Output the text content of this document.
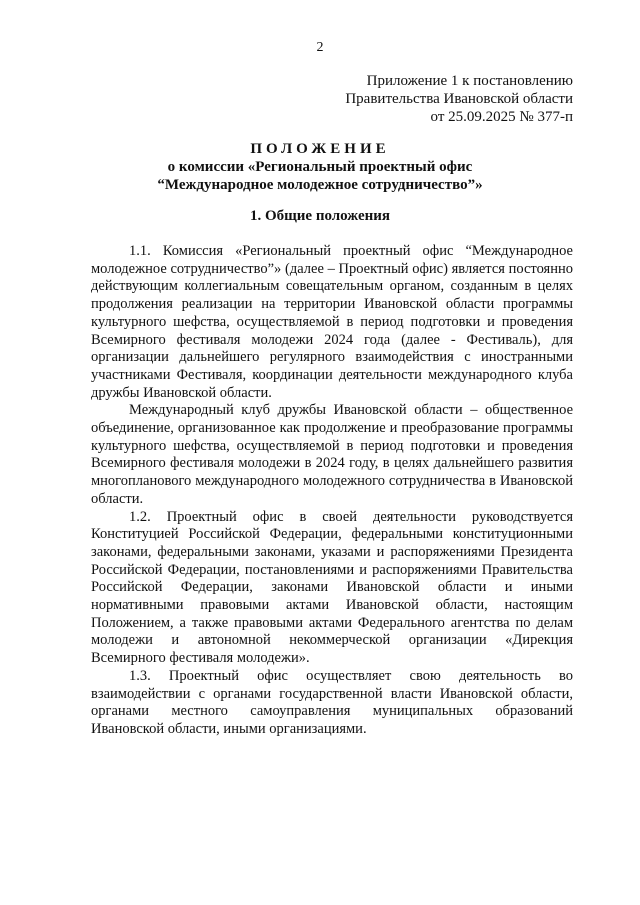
2
Приложение 1 к постановлению
Правительства Ивановской области
от 25.09.2025 № 377-п
ПОЛОЖЕНИЕ
о комиссии «Региональный проектный офис
“Международное молодежное сотрудничество”»
1. Общие положения

1.1. Комиссия «Региональный проектный офис “Международное молодежное сотрудничество”» (далее – Проектный офис) является постоянно действующим коллегиальным совещательным органом, созданным в целях продолжения реализации на территории Ивановской области программы культурного шефства, осуществляемой в период подготовки и проведения Всемирного фестиваля молодежи 2024 года (далее - Фестиваль), для организации дальнейшего регулярного взаимодействия с иностранными участниками Фестиваля, координации деятельности международного клуба дружбы Ивановской области.

Международный клуб дружбы Ивановской области – общественное объединение, организованное как продолжение и преобразование программы культурного шефства, осуществляемой в период подготовки и проведения Всемирного фестиваля молодежи в 2024 году, в целях дальнейшего развития многопланового международного молодежного сотрудничества в Ивановской области.

1.2. Проектный офис в своей деятельности руководствуется Конституцией Российской Федерации, федеральными конституционными законами, федеральными законами, указами и распоряжениями Президента Российской Федерации, постановлениями и распоряжениями Правительства Российской Федерации, законами Ивановской области и иными нормативными правовыми актами Ивановской области, настоящим Положением, а также правовыми актами Федерального агентства по делам молодежи и автономной некоммерческой организации «Дирекция Всемирного фестиваля молодежи».

1.3. Проектный офис осуществляет свою деятельность во взаимодействии с органами государственной власти Ивановской области, органами местного самоуправления муниципальных образований Ивановской области, иными организациями.
